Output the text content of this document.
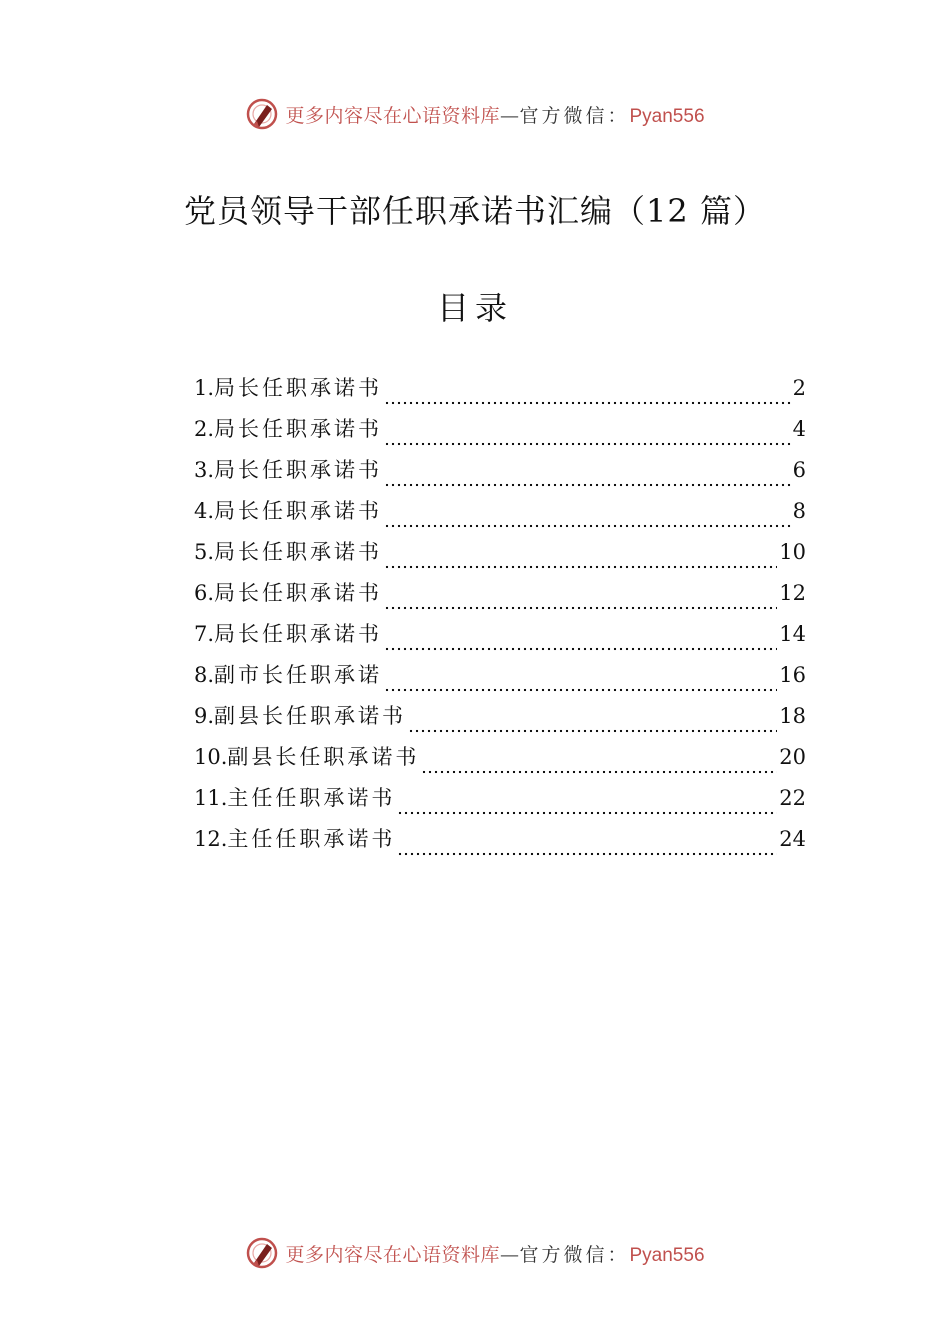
更多内容尽在心语资料库—官方微信：Pyan556
党员领导干部任职承诺书汇编（12 篇）
目录
1. 局长任职承诺书	2
2. 局长任职承诺书	4
3. 局长任职承诺书	6
4. 局长任职承诺书	8
5. 局长任职承诺书	10
6. 局长任职承诺书	12
7. 局长任职承诺书	14
8. 副市长任职承诺	16
9. 副县长任职承诺书	18
10. 副县长任职承诺书	20
11. 主任任职承诺书	22
12. 主任任职承诺书	24
更多内容尽在心语资料库—官方微信：Pyan556
